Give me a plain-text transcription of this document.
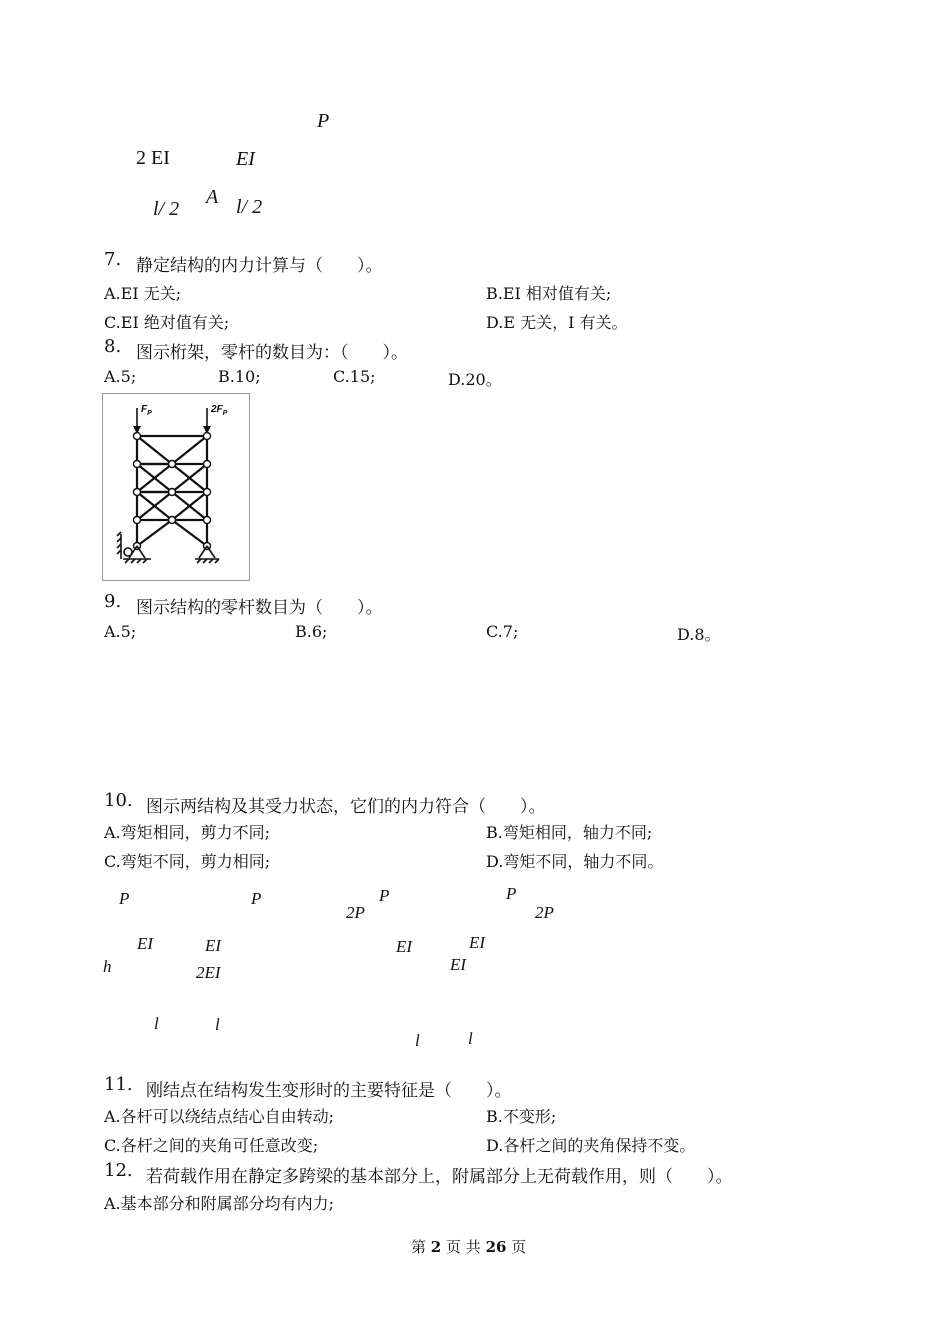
P
2 EI	EI
A
l/ 2	l/ 2
7. 静定结构的内力计算与（　　）。
A.EI 无关;	B.EI 相对值有关;
C.EI 绝对值有关;	D.E 无关，I 有关。
8. 图示桁架，零杆的数目为：（　　）。
A.5;	B.10;	C.15;	D.20。
$F_P$	$2F_P$
9. 图示结构的零杆数目为（　　）。
A.5;	B.6;	C.7;	D.8。
10. 图示两结构及其受力状态，它们的内力符合（　　）。
A.弯矩相同，剪力不同;	B.弯矩相同，轴力不同;
C.弯矩不同，剪力相同;	D.弯矩不同，轴力不同。
P	P
2P
P	P
2P
EI	EI
h	2EI
EI	EI
EI
l	l
l	l
11. 刚结点在结构发生变形时的主要特征是（　　）。
A.各杆可以绕结点结心自由转动;	B.不变形;
C.各杆之间的夹角可任意改变;	D.各杆之间的夹角保持不变。
12. 若荷载作用在静定多跨梁的基本部分上，附属部分上无荷载作用，则（　　）。
A.基本部分和附属部分均有内力;
第 2 页 共 26 页
